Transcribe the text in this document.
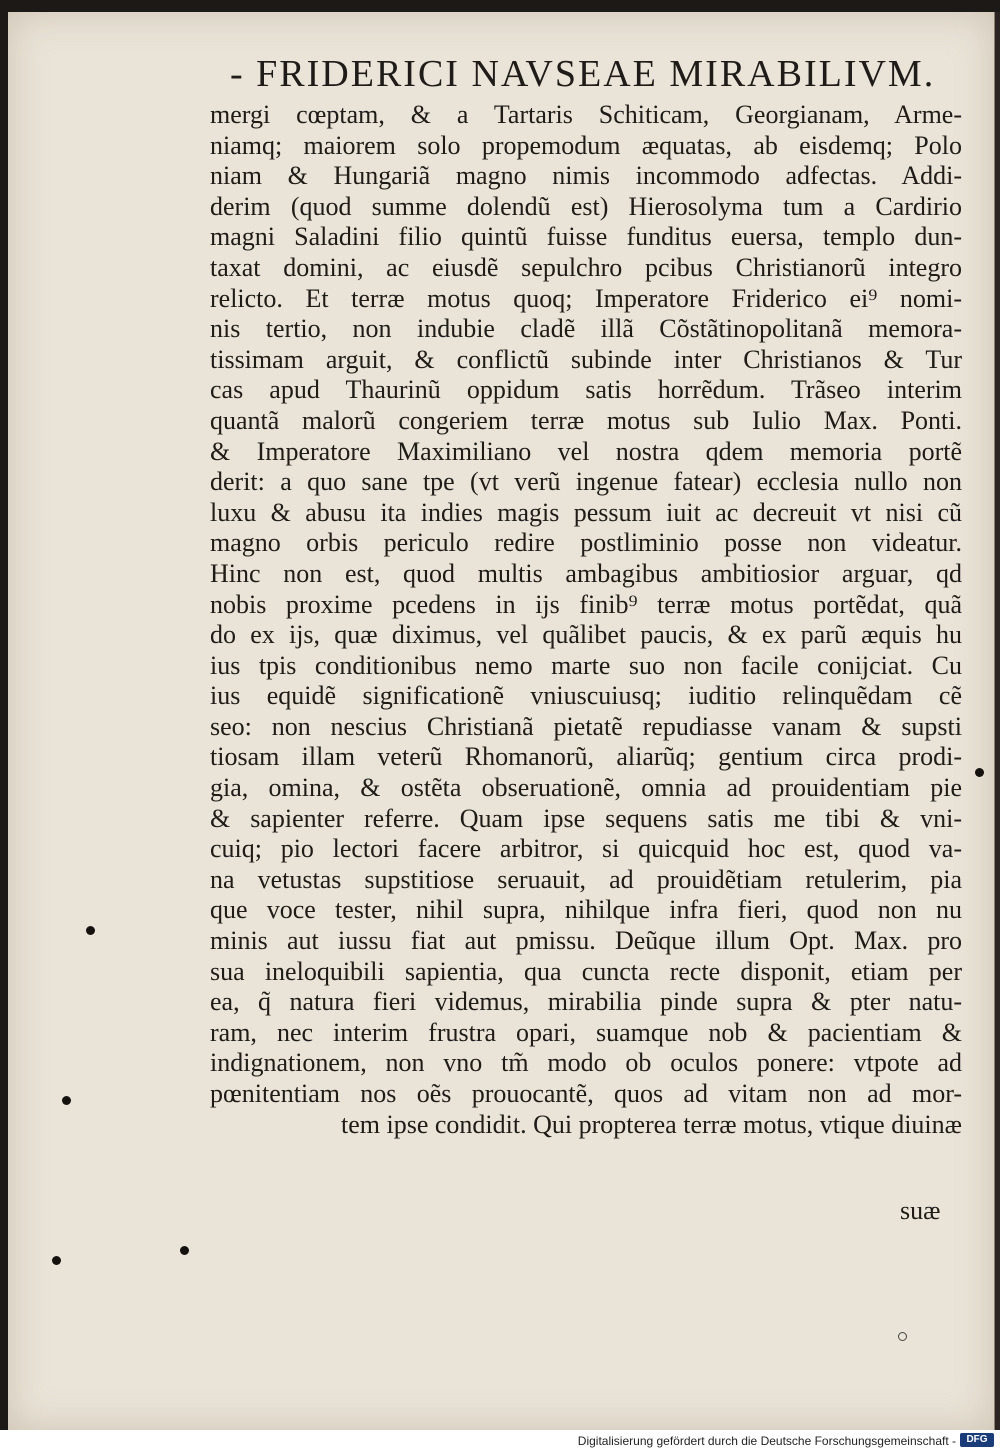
- FRIDERICI NAVSEAE MIRABILIVM.
mergi cœptam, & a Tartaris Schiticam, Georgianam, Arme-
niamq; maiorem solo propemodum æquatas, ab eisdemq; Polo
niam & Hungariã magno nimis incommodo adfectas. Addi-
derim (quod summe dolendũ est) Hierosolyma tum a Cardirio
magni Saladini filio quintũ fuisse funditus euersa, templo dun-
taxat domini, ac eiusdẽ sepulchro pcibus Christianorũ integro
relicto. Et terræ motus quoq; Imperatore Friderico ei⁹ nomi-
nis tertio, non indubie cladẽ illã Cõstãtinopolitanã memora-
tissimam arguit, & conflictũ subinde inter Christianos & Tur
cas apud Thaurinũ oppidum satis horrẽdum. Trãseo interim
quantã malorũ congeriem terræ motus sub Iulio Max. Ponti.
& Imperatore Maximiliano vel nostra qdem memoria portẽ
derit: a quo sane tpe (vt verũ ingenue fatear) ecclesia nullo non
luxu & abusu ita indies magis pessum iuit ac decreuit vt nisi cũ
magno orbis periculo redire postliminio posse non videatur.
Hinc non est, quod multis ambagibus ambitiosior arguar, qd
nobis proxime pcedens in ijs finib⁹ terræ motus portẽdat, quã
do ex ijs, quæ diximus, vel quãlibet paucis, & ex parũ æquis hu
ius tpis conditionibus nemo marte suo non facile conijciat. Cu
ius equidẽ significationẽ vniuscuiusq; iuditio relinquẽdam cẽ
seo: non nescius Christianã pietatẽ repudiasse vanam & supsti
tiosam illam veterũ Rhomanorũ, aliarũq; gentium circa prodi-
gia, omina, & ostẽta obseruationẽ, omnia ad prouidentiam pie
& sapienter referre. Quam ipse sequens satis me tibi & vni-
cuiq; pio lectori facere arbitror, si quicquid hoc est, quod va-
na vetustas supstitiose seruauit, ad prouidẽtiam retulerim, pia
que voce tester, nihil supra, nihilque infra fieri, quod non nu
minis aut iussu fiat aut pmissu. Deũque illum Opt. Max. pro
sua ineloquibili sapientia, qua cuncta recte disponit, etiam per
ea, q̃ natura fieri videmus, mirabilia pinde supra & pter natu-
ram, nec interim frustra opari, suamque nob & pacientiam &
indignationem, non vno tm̃ modo ob oculos ponere: vtpote ad
pœnitentiam nos oẽs prouocantẽ, quos ad vitam non ad mor-
tem ipse condidit. Qui propterea terræ motus, vtique diuinæ
suæ
Digitalisierung gefördert durch die Deutsche Forschungsgemeinschaft -	DFG
